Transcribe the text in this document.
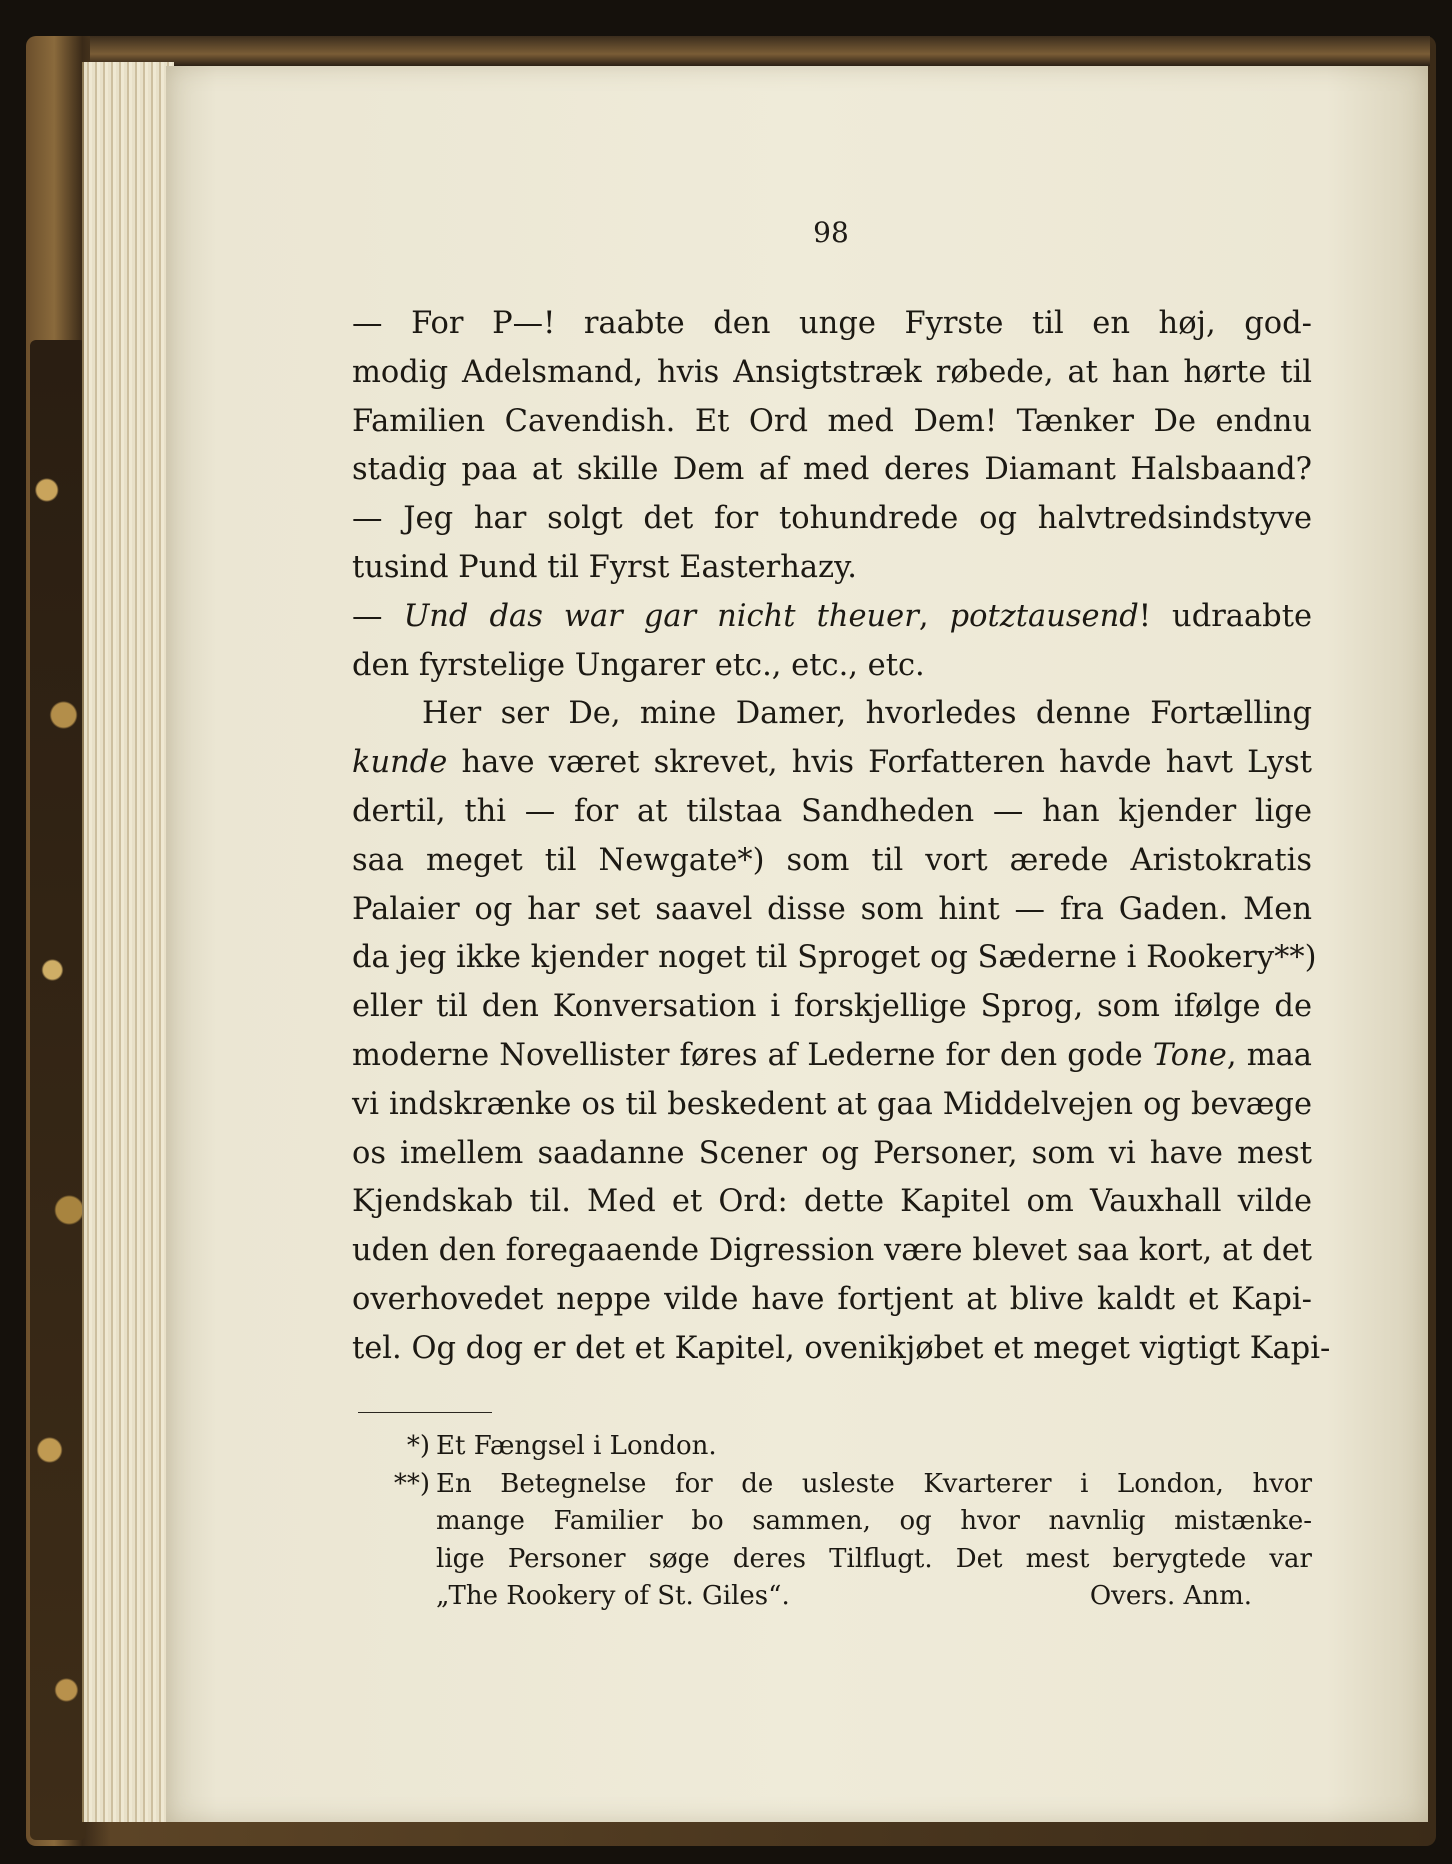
98
— For P—! raabte den unge Fyrste til en høj, god-
modig Adelsmand, hvis Ansigtstræk røbede, at han hørte til
Familien Cavendish. Et Ord med Dem! Tænker De endnu
stadig paa at skille Dem af med deres Diamant Halsbaand?
— Jeg har solgt det for tohundrede og halvtredsindstyve
tusind Pund til Fyrst Easterhazy.
— Und das war gar nicht theuer, potztausend! udraabte
den fyrstelige Ungarer etc., etc., etc.
Her ser De, mine Damer, hvorledes denne Fortælling
kunde have været skrevet, hvis Forfatteren havde havt Lyst
dertil, thi — for at tilstaa Sandheden — han kjender lige
saa meget til Newgate*) som til vort ærede Aristokratis
Palaier og har set saavel disse som hint — fra Gaden. Men
da jeg ikke kjender noget til Sproget og Sæderne i Rookery**)
eller til den Konversation i forskjellige Sprog, som ifølge de
moderne Novellister føres af Lederne for den gode Tone, maa
vi indskrænke os til beskedent at gaa Middelvejen og bevæge
os imellem saadanne Scener og Personer, som vi have mest
Kjendskab til. Med et Ord: dette Kapitel om Vauxhall vilde
uden den foregaaende Digression være blevet saa kort, at det
overhovedet neppe vilde have fortjent at blive kaldt et Kapi-
tel. Og dog er det et Kapitel, ovenikjøbet et meget vigtigt Kapi-
*) Et Fængsel i London.
**) En Betegnelse for de usleste Kvarterer i London, hvor
mange Familier bo sammen, og hvor navnlig mistænke-
lige Personer søge deres Tilflugt. Det mest berygtede var
„The Rookery of St. Giles“.	Overs. Anm.
